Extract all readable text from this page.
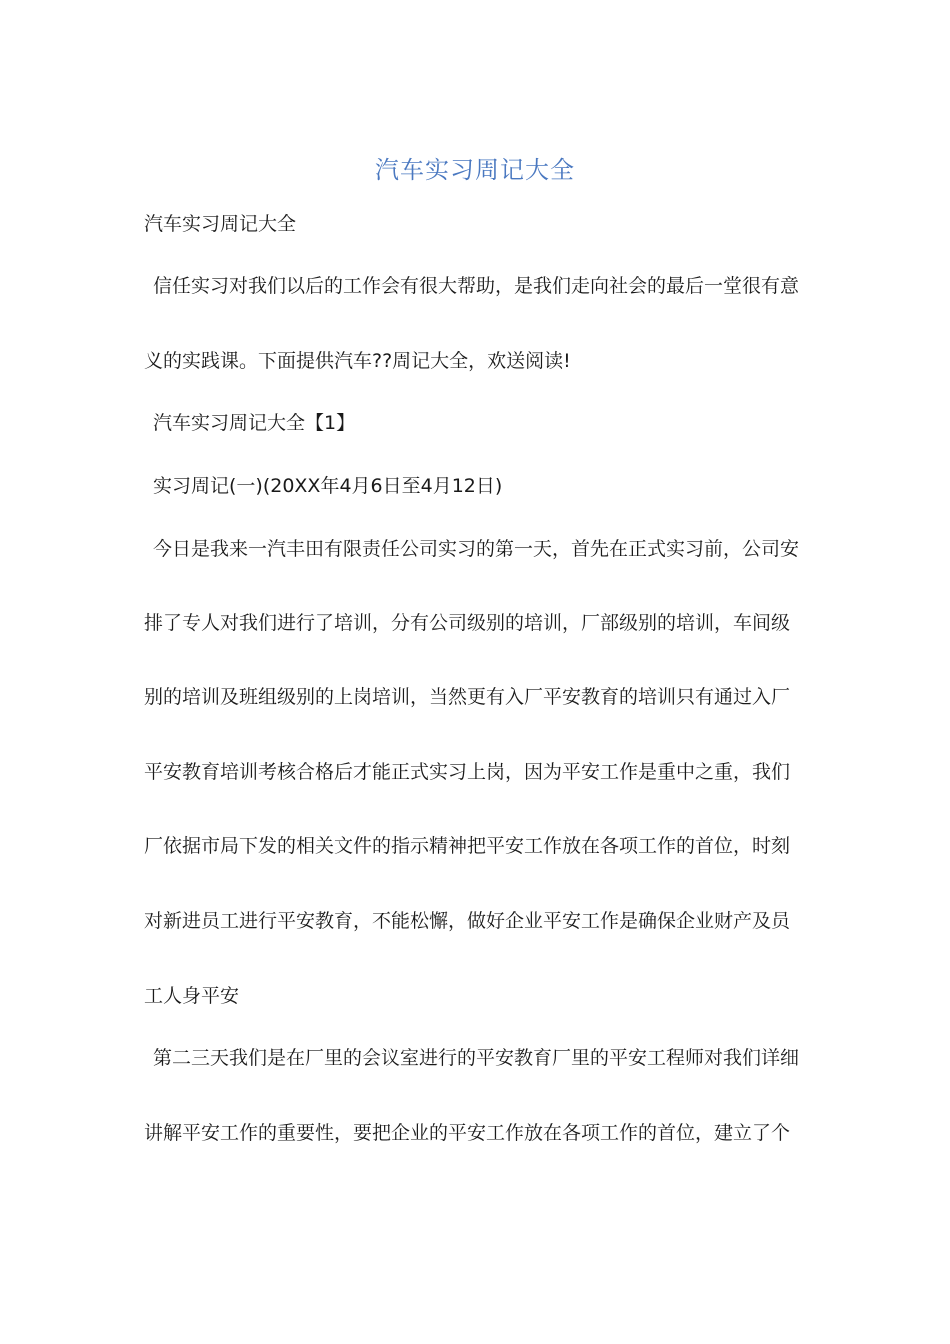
汽车实习周记大全
汽车实习周记大全
信任实习对我们以后的工作会有很大帮助，是我们走向社会的最后一堂很有意
义的实践课。下面提供汽车??周记大全，欢送阅读!
汽车实习周记大全【1】
实习周记(一)(20XX年4月6日至4月12日)
今日是我来一汽丰田有限责任公司实习的第一天，首先在正式实习前，公司安
排了专人对我们进行了培训，分有公司级别的培训，厂部级别的培训，车间级
别的培训及班组级别的上岗培训，当然更有入厂平安教育的培训只有通过入厂
平安教育培训考核合格后才能正式实习上岗，因为平安工作是重中之重，我们
厂依据市局下发的相关文件的指示精神把平安工作放在各项工作的首位，时刻
对新进员工进行平安教育，不能松懈，做好企业平安工作是确保企业财产及员
工人身平安
第二三天我们是在厂里的会议室进行的平安教育厂里的平安工程师对我们详细
讲解平安工作的重要性，要把企业的平安工作放在各项工作的首位，建立了个
